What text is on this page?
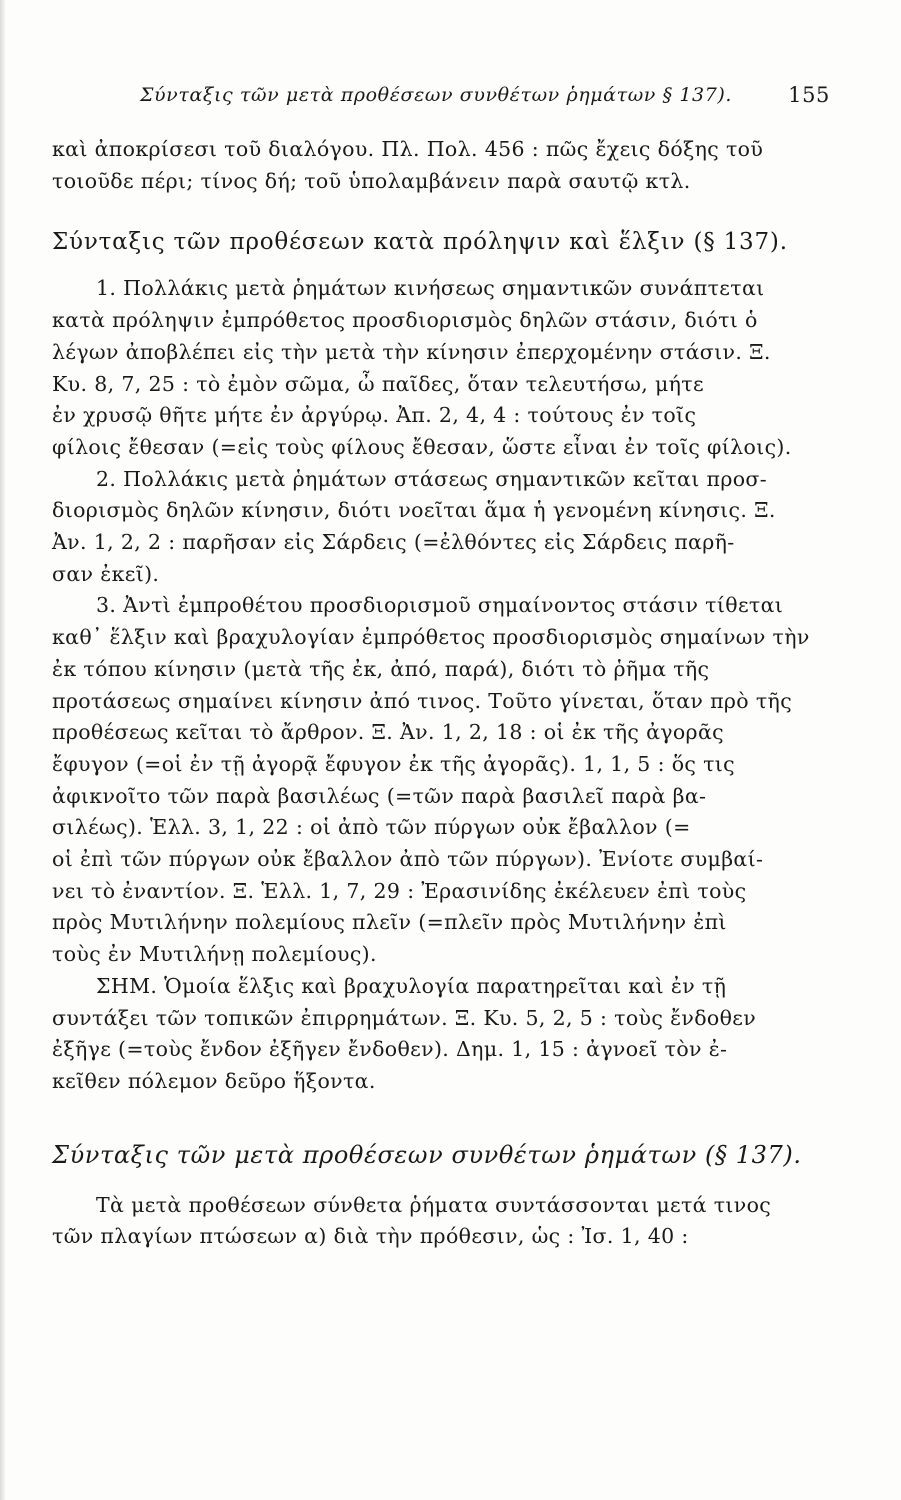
Σύνταξις τῶν μετὰ προθέσεων συνθέτων ῥημάτων § 137).	155

καὶ ἀποκρίσεσι τοῦ διαλόγου. Πλ. Πολ. 456 : πῶς ἔχεις δόξης τοῦ
τοιοῦδε πέρι; τίνος δή; τοῦ ὑπολαμβάνειν παρὰ σαυτῷ κτλ.

Σύνταξις τῶν προθέσεων κατὰ πρόληψιν καὶ ἕλξιν (§ 137).

1. Πολλάκις μετὰ ῥημάτων κινήσεως σημαντικῶν συνάπτεται
κατὰ πρόληψιν ἐμπρόθετος προσδιορισμὸς δηλῶν στάσιν, διότι ὁ
λέγων ἀποβλέπει εἰς τὴν μετὰ τὴν κίνησιν ἐπερχομένην στάσιν. Ξ.
Κυ. 8, 7, 25 : τὸ ἐμὸν σῶμα, ὦ παῖδες, ὅταν τελευτήσω, μήτε
ἐν χρυσῷ θῆτε μήτε ἐν ἀργύρῳ. Ἀπ. 2, 4, 4 : τούτους ἐν τοῖς
φίλοις ἔθεσαν (=εἰς τοὺς φίλους ἔθεσαν, ὥστε εἶναι ἐν τοῖς φίλοις).

2. Πολλάκις μετὰ ῥημάτων στάσεως σημαντικῶν κεῖται προσ-
διορισμὸς δηλῶν κίνησιν, διότι νοεῖται ἅμα ἡ γενομένη κίνησις. Ξ.
Ἀν. 1, 2, 2 : παρῆσαν εἰς Σάρδεις (=ἐλθόντες εἰς Σάρδεις παρῆ-
σαν ἐκεῖ).

3. Ἀντὶ ἐμπροθέτου προσδιορισμοῦ σημαίνοντος στάσιν τίθεται
καθ᾽ ἕλξιν καὶ βραχυλογίαν ἐμπρόθετος προσδιορισμὸς σημαίνων τὴν
ἐκ τόπου κίνησιν (μετὰ τῆς ἐκ, ἀπό, παρά), διότι τὸ ῥῆμα τῆς
προτάσεως σημαίνει κίνησιν ἀπό τινος. Τοῦτο γίνεται, ὅταν πρὸ τῆς
προθέσεως κεῖται τὸ ἄρθρον. Ξ. Ἀν. 1, 2, 18 : οἱ ἐκ τῆς ἀγορᾶς
ἔφυγον (=οἱ ἐν τῇ ἀγορᾷ ἔφυγον ἐκ τῆς ἀγορᾶς). 1, 1, 5 : ὅς τις
ἀφικνοῖτο τῶν παρὰ βασιλέως (=τῶν παρὰ βασιλεῖ παρὰ βα-
σιλέως). Ἑλλ. 3, 1, 22 : οἱ ἀπὸ τῶν πύργων οὐκ ἔβαλλον (=
οἱ ἐπὶ τῶν πύργων οὐκ ἔβαλλον ἀπὸ τῶν πύργων). Ἐνίοτε συμβαί-
νει τὸ ἐναντίον. Ξ. Ἑλλ. 1, 7, 29 : Ἐρασινίδης ἐκέλευεν ἐπὶ τοὺς
πρὸς Μυτιλήνην πολεμίους πλεῖν (=πλεῖν πρὸς Μυτιλήνην ἐπὶ
τοὺς ἐν Μυτιλήνῃ πολεμίους).

ΣΗΜ. Ὁμοία ἕλξις καὶ βραχυλογία παρατηρεῖται καὶ ἐν τῇ
συντάξει τῶν τοπικῶν ἐπιρρημάτων. Ξ. Κυ. 5, 2, 5 : τοὺς ἔνδοθεν
ἐξῆγε (=τοὺς ἔνδον ἐξῆγεν ἔνδοθεν). Δημ. 1, 15 : ἀγνοεῖ τὸν ἐ-
κεῖθεν πόλεμον δεῦρο ἥξοντα.

Σύνταξις τῶν μετὰ προθέσεων συνθέτων ῥημάτων (§ 137).

Τὰ μετὰ προθέσεων σύνθετα ῥήματα συντάσσονται μετά τινος
τῶν πλαγίων πτώσεων α) διὰ τὴν πρόθεσιν, ὡς : Ἰσ. 1, 40 :
